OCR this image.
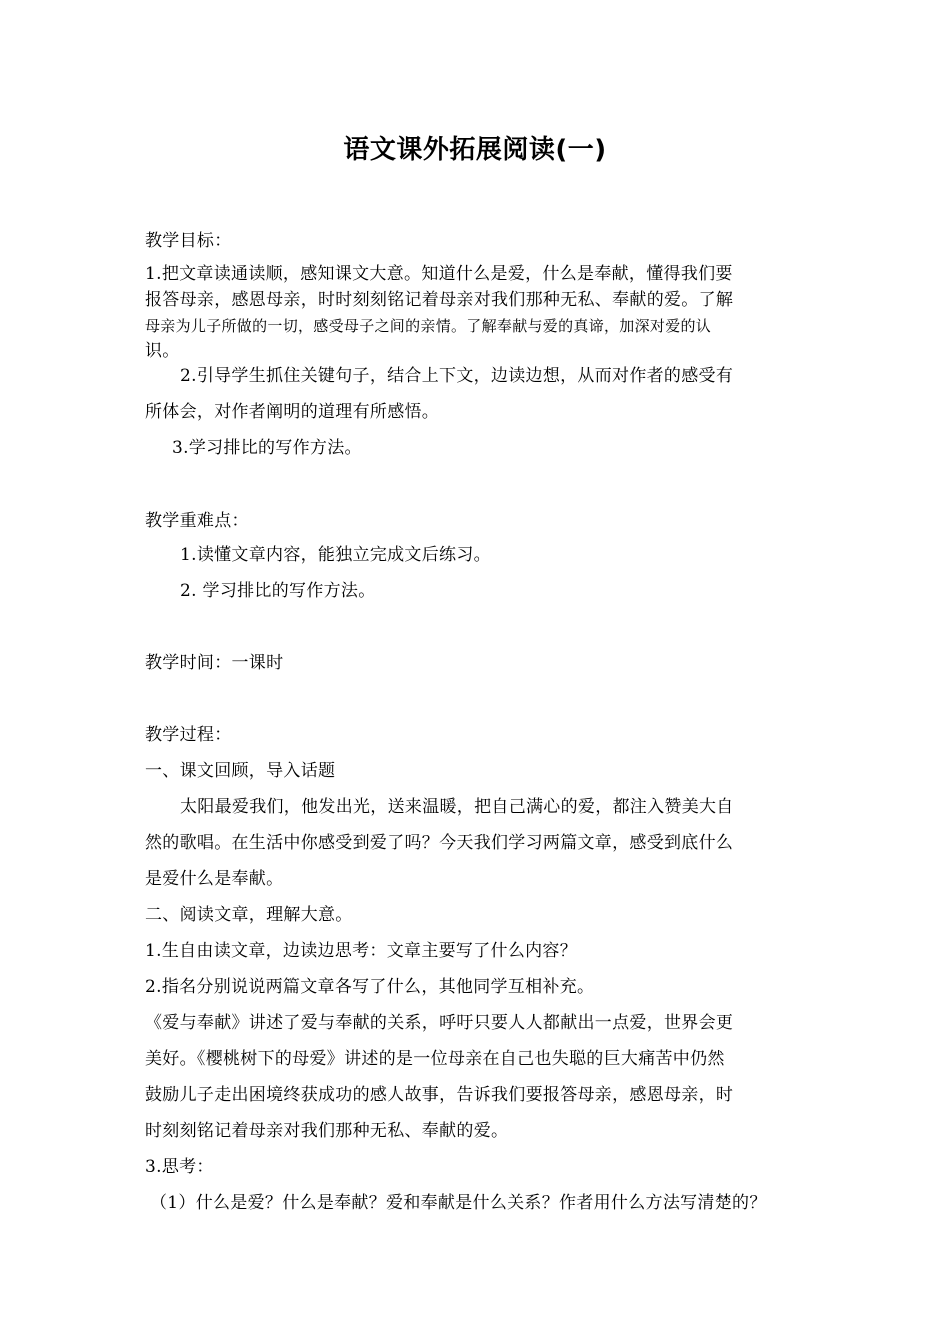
语文课外拓展阅读(一)
教学目标：
1.把文章读通读顺，感知课文大意。知道什么是爱，什么是奉献，懂得我们要
报答母亲，感恩母亲，时时刻刻铭记着母亲对我们那种无私、奉献的爱。了解
母亲为儿子所做的一切，感受母子之间的亲情。了解奉献与爱的真谛，加深对爱的认
识。
2.引导学生抓住关键句子，结合上下文，边读边想，从而对作者的感受有
所体会，对作者阐明的道理有所感悟。
3.学习排比的写作方法。
教学重难点：
1.读懂文章内容，能独立完成文后练习。
2. 学习排比的写作方法。
教学时间：一课时
教学过程：
一、课文回顾，导入话题
太阳最爱我们，他发出光，送来温暖，把自己满心的爱，都注入赞美大自
然的歌唱。在生活中你感受到爱了吗？今天我们学习两篇文章，感受到底什么
是爱什么是奉献。
二、阅读文章，理解大意。
1.生自由读文章，边读边思考：文章主要写了什么内容？
2.指名分别说说两篇文章各写了什么，其他同学互相补充。
《爱与奉献》讲述了爱与奉献的关系，呼吁只要人人都献出一点爱，世界会更
美好。《樱桃树下的母爱》讲述的是一位母亲在自己也失聪的巨大痛苦中仍然
鼓励儿子走出困境终获成功的感人故事，告诉我们要报答母亲，感恩母亲，时
时刻刻铭记着母亲对我们那种无私、奉献的爱。
3.思考：
（1）什么是爱？什么是奉献？爱和奉献是什么关系？作者用什么方法写清楚的？
